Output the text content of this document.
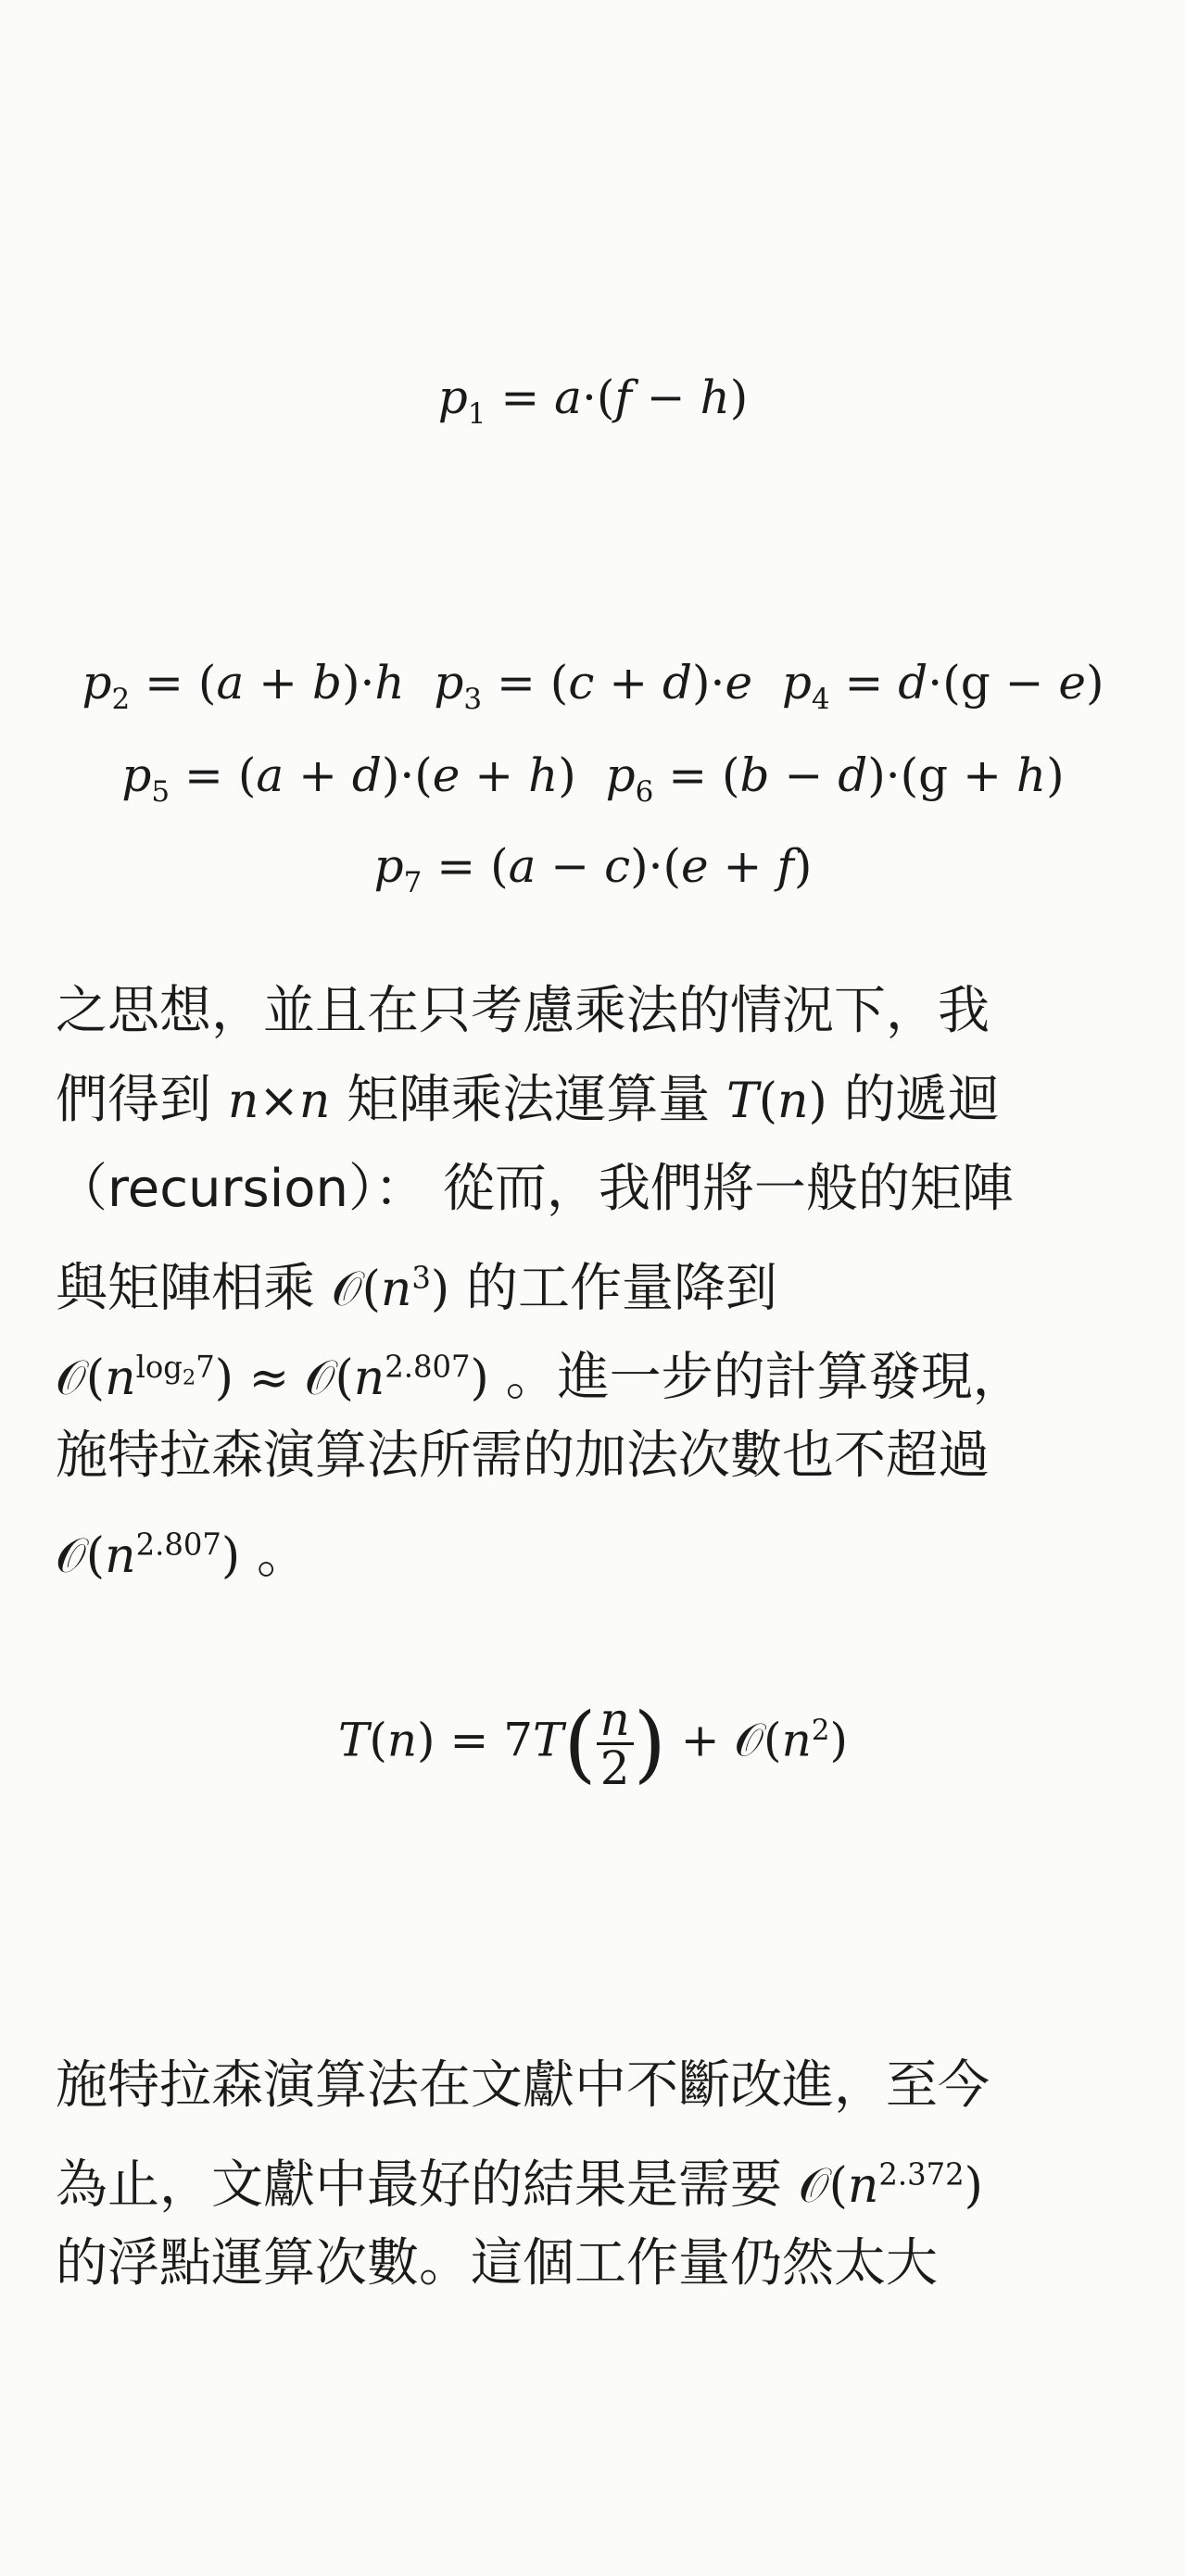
$p_1 = a\cdot(f - h)$
$p_2 = (a + b)\cdot h$ $p_3 = (c + d)\cdot e$ $p_4 = d\cdot(g - e)$
$p_5 = (a + d)\cdot(e + h) p_6 = (b - d)\cdot(g + h)$
$p_7 = (a - c)\cdot(e + f)$
之思想，並且在只考慮乘法的情況下，我
們得到 n×n 矩陣乘法運算量 T(n) 的遞迴
（recursion）： 從而，我們將一般的矩陣
與矩陣相乘 $𝒪(n^3)$ 的工作量降到
$𝒪(n^{log_27})$ ≈ $𝒪(n^{2.807})$ 。進一步的計算發現，
施特拉森演算法所需的加法次數也不超過
$𝒪(n^{2.807})$ 。
$T(n) = 7T( \frac{n}{2}$ ) + $𝒪(n^2)$
施特拉森演算法在文獻中不斷改進，至今
為止，文獻中最好的結果是需要 $𝒪(n^{2.372})$
的浮點運算次數。這個工作量仍然太大
